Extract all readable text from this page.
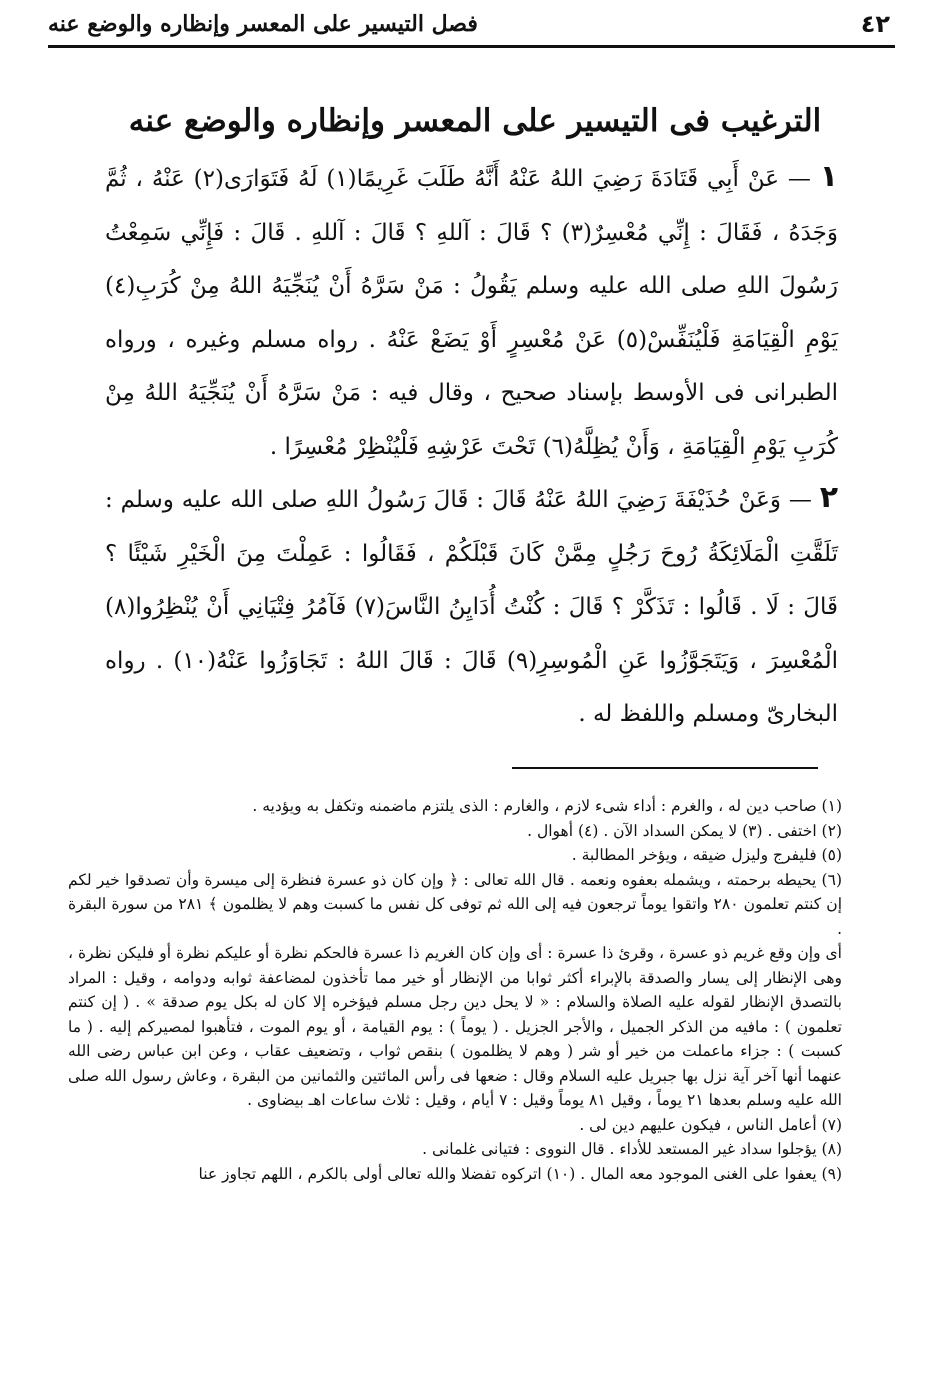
٤٢
فصل التيسير على المعسر وإنظاره والوضع عنه
الترغيب فى التيسير على المعسر وإنظاره والوضع عنه
١ — عَنْ أَبِي قَتَادَةَ رَضِيَ اللهُ عَنْهُ أَنَّهُ طَلَبَ غَرِيمًا(١) لَهُ فَتَوَارَى(٢) عَنْهُ ، ثُمَّ وَجَدَهُ ، فَقَالَ : إِنِّي مُعْسِرٌ(٣) ؟ قَالَ : آللهِ ؟ قَالَ : آللهِ . قَالَ : فَإِنِّي سَمِعْتُ رَسُولَ اللهِ صلى الله عليه وسلم يَقُولُ : مَنْ سَرَّهُ أَنْ يُنَجِّيَهُ اللهُ مِنْ كُرَبِ(٤) يَوْمِ الْقِيَامَةِ فَلْيُنَفِّسْ(٥) عَنْ مُعْسِرٍ أَوْ يَضَعْ عَنْهُ . رواه مسلم وغيره ، ورواه الطبرانى فى الأوسط بإسناد صحيح ، وقال فيه : مَنْ سَرَّهُ أَنْ يُنَجِّيَهُ اللهُ مِنْ كُرَبِ يَوْمِ الْقِيَامَةِ ، وَأَنْ يُظِلَّهُ(٦) تَحْتَ عَرْشِهِ فَلْيُنْظِرْ مُعْسِرًا .
٢ — وَعَنْ حُذَيْفَةَ رَضِيَ اللهُ عَنْهُ قَالَ : قَالَ رَسُولُ اللهِ صلى الله عليه وسلم : تَلَقَّتِ الْمَلَائِكَةُ رُوحَ رَجُلٍ مِمَّنْ كَانَ قَبْلَكُمْ ، فَقَالُوا : عَمِلْتَ مِنَ الْخَيْرِ شَيْئًا ؟ قَالَ : لَا . قَالُوا : تَذَكَّرْ ؟ قَالَ : كُنْتُ أُدَايِنُ النَّاسَ(٧) فَآمُرُ فِتْيَانِي أَنْ يُنْظِرُوا(٨) الْمُعْسِرَ ، وَيَتَجَوَّزُوا عَنِ الْمُوسِرِ(٩) قَالَ : قَالَ اللهُ : تَجَاوَزُوا عَنْهُ(١٠) . رواه البخارىّ ومسلم واللفظ له .

(١) صاحب دين له ، والغرم : أداء شىء لازم ، والغارم : الذى يلتزم ماضمنه وتكفل به ويؤديه .

(٢) اختفى . (٣) لا يمكن السداد الآن . (٤) أهوال .

(٥) فليفرج وليزل ضيقه ، ويؤخر المطالبة .

(٦) يحيطه برحمته ، ويشمله بعفوه ونعمه . قال الله تعالى : ﴿ وإن كان ذو عسرة فنظرة إلى ميسرة وأن تصدقوا خير لكم إن كنتم تعلمون ٢٨٠ واتقوا يوماً ترجعون فيه إلى الله ثم توفى كل نفس ما كسبت وهم لا يظلمون ﴾ ٢٨١ من سورة البقرة .

أى وإن وقع غريم ذو عسرة ، وقرئ ذا عسرة : أى وإن كان الغريم ذا عسرة فالحكم نظرة أو عليكم نظرة أو فليكن نظرة ، وهى الإنظار إلى يسار والصدقة بالإبراء أكثر ثوابا من الإنظار أو خير مما تأخذون لمضاعفة ثوابه ودوامه ، وقيل : المراد بالتصدق الإنظار لقوله عليه الصلاة والسلام : « لا يحل دين رجل مسلم فيؤخره إلا كان له بكل يوم صدقة » . ( إن كنتم تعلمون ) : مافيه من الذكر الجميل ، والأجر الجزيل . ( يوماً ) : يوم القيامة ، أو يوم الموت ، فتأهبوا لمصيركم إليه . ( ما كسبت ) : جزاء ماعملت من خير أو شر ( وهم لا يظلمون ) بنقص ثواب ، وتضعيف عقاب ، وعن ابن عباس رضى الله عنهما أنها آخر آية نزل بها جبريل عليه السلام وقال : ضعها فى رأس المائتين والثمانين من البقرة ، وعاش رسول الله صلى الله عليه وسلم بعدها ٢١ يوماً ، وقيل ٨١ يوماً وقيل : ٧ أيام ، وقيل : ثلاث ساعات اهـ بيضاوى .

(٧) أعامل الناس ، فيكون عليهم دين لى .

(٨) يؤجلوا سداد غير المستعد للأداء . قال النووى : فتيانى غلمانى .

(٩) يعفوا على الغنى الموجود معه المال . (١٠) اتركوه تفضلا والله تعالى أولى بالكرم ، اللهم تجاوز عنا
